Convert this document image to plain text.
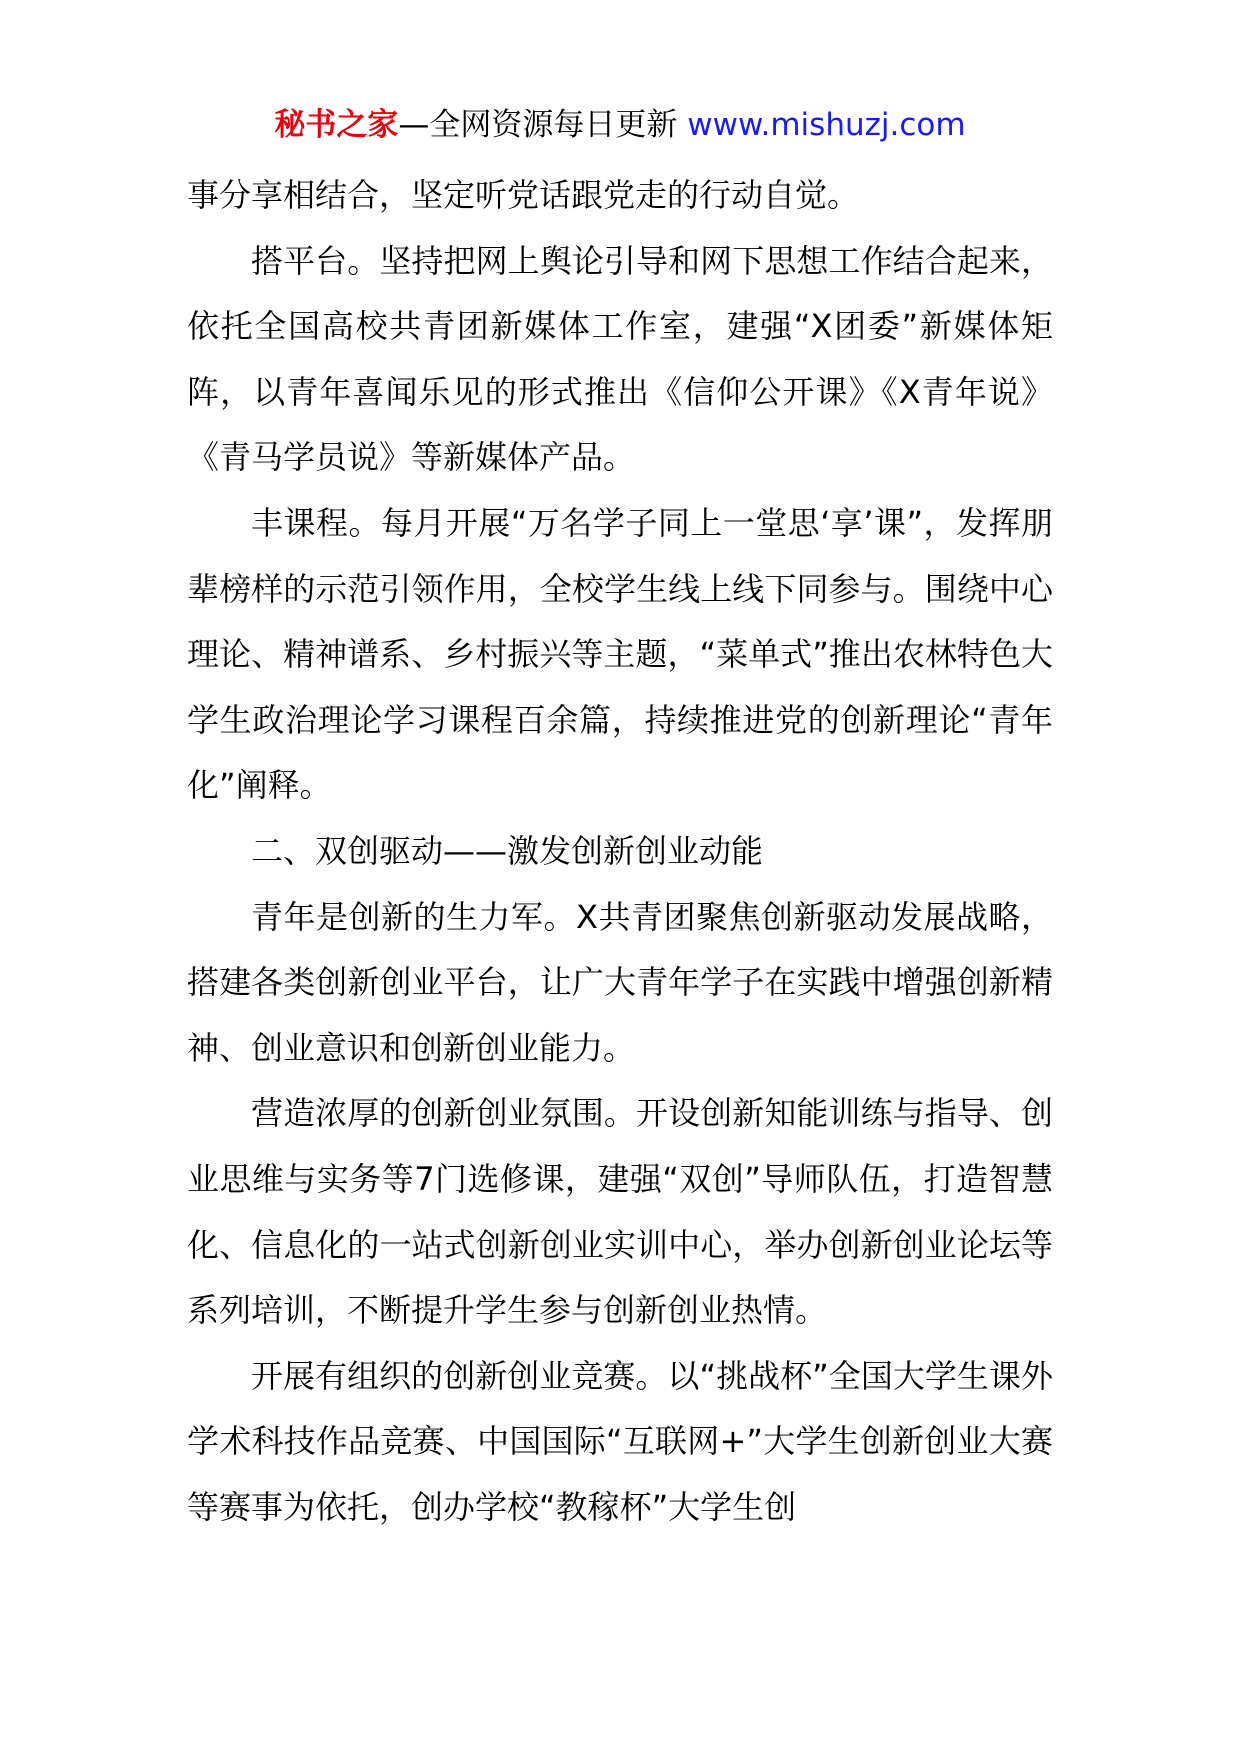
秘书之家—全网资源每日更新 www.mishuzj.com

事分享相结合，坚定听党话跟党走的行动自觉。

搭平台。坚持把网上舆论引导和网下思想工作结合起来，依托全国高校共青团新媒体工作室，建强“X团委”新媒体矩阵，以青年喜闻乐见的形式推出《信仰公开课》《X青年说》《青马学员说》等新媒体产品。

丰课程。每月开展“万名学子同上一堂思‘享’课”，发挥朋辈榜样的示范引领作用，全校学生线上线下同参与。围绕中心理论、精神谱系、乡村振兴等主题，“菜单式”推出农林特色大学生政治理论学习课程百余篇，持续推进党的创新理论“青年化”阐释。

二、双创驱动——激发创新创业动能

青年是创新的生力军。X共青团聚焦创新驱动发展战略，搭建各类创新创业平台，让广大青年学子在实践中增强创新精神、创业意识和创新创业能力。

营造浓厚的创新创业氛围。开设创新知能训练与指导、创业思维与实务等7门选修课，建强“双创”导师队伍，打造智慧化、信息化的一站式创新创业实训中心，举办创新创业论坛等系列培训，不断提升学生参与创新创业热情。

开展有组织的创新创业竞赛。以“挑战杯”全国大学生课外学术科技作品竞赛、中国国际“互联网+”大学生创新创业大赛等赛事为依托，创办学校“教稼杯”大学生创
